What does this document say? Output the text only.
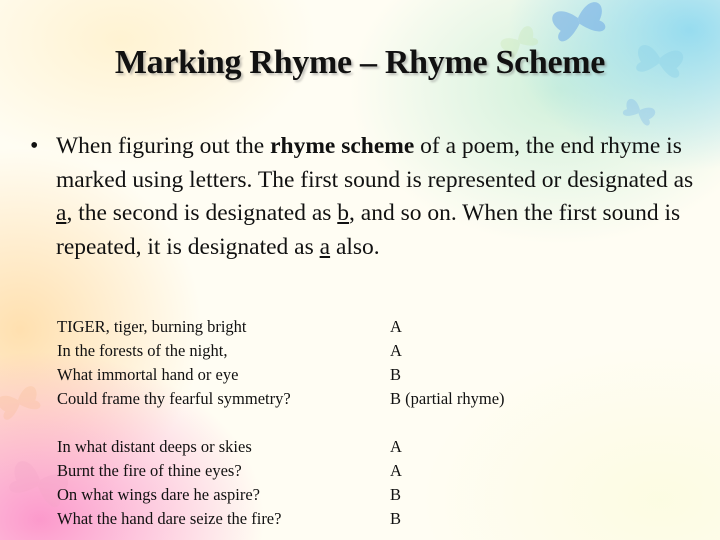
Marking Rhyme – Rhyme Scheme
• When figuring out the rhyme scheme of a poem, the end rhyme is marked using letters. The first sound is represented or designated as a, the second is designated as b, and so on. When the first sound is repeated, it is designated as a also.
TIGER, tiger, burning bright	A
In the forests of the night,	A
What immortal hand or eye	B
Could frame thy fearful symmetry?	B (partial rhyme)
In what distant deeps or skies	A
Burnt the fire of thine eyes?	A
On what wings dare he aspire?	B
What the hand dare seize the fire?	B
